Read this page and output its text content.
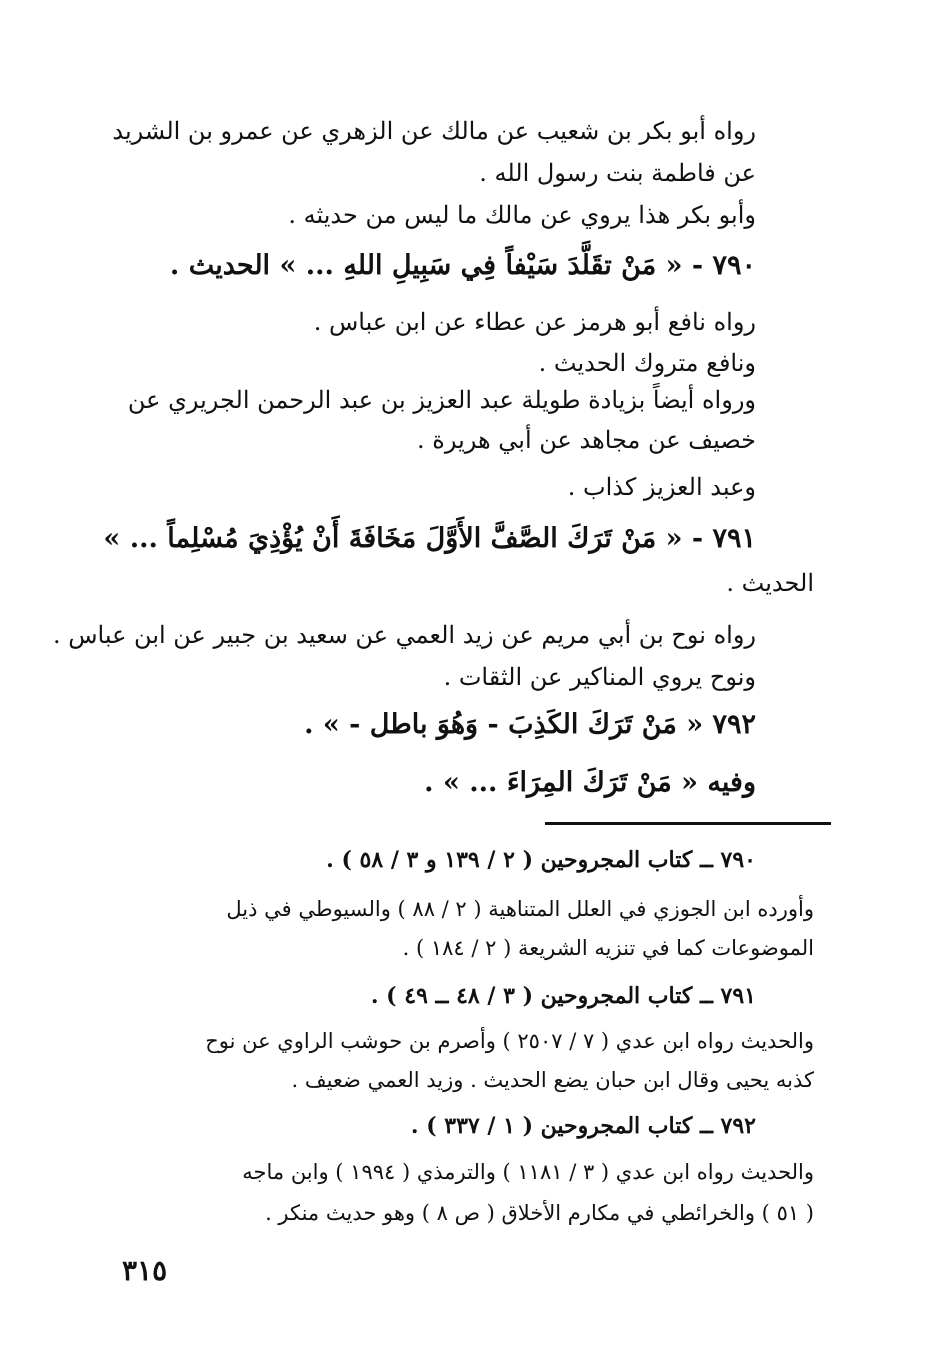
رواه أبو بكر بن شعيب عن مالك عن الزهري عن عمرو بن الشريد

عن فاطمة بنت رسول الله .

وأبو بكر هذا يروي عن مالك ما ليس من حديثه .

٧٩٠ - « مَنْ تقَلَّدَ سَيْفاً فِي سَبِيلِ اللهِ ... » الحديث .

رواه نافع أبو هرمز عن عطاء عن ابن عباس .

ونافع متروك الحديث .

ورواه أيضاً بزيادة طويلة عبد العزيز بن عبد الرحمن الجريري عن

خصيف عن مجاهد عن أبي هريرة .

وعبد العزيز كذاب .

٧٩١ - « مَنْ تَرَكَ الصَّفَّ الأَوَّلَ مَخَافَةَ أَنْ يُؤْذِيَ مُسْلِماً ... »

الحديث .

رواه نوح بن أبي مريم عن زيد العمي عن سعيد بن جبير عن ابن عباس .

ونوح يروي المناكير عن الثقات .

٧٩٢ « مَنْ تَرَكَ الكَذِبَ - وَهُوَ باطل - » .

وفيه « مَنْ تَرَكَ المِرَاءَ ... » .

٧٩٠ ــ كتاب المجروحين ( ٢ / ١٣٩ و ٣ / ٥٨ ) .

وأورده ابن الجوزي في العلل المتناهية ( ٢ / ٨٨ ) والسيوطي في ذيل

الموضوعات كما في تنزيه الشريعة ( ٢ / ١٨٤ ) .

٧٩١ ــ كتاب المجروحين ( ٣ / ٤٨ ــ ٤٩ ) .

والحديث رواه ابن عدي ( ٧ / ٢٥٠٧ ) وأصرم بن حوشب الراوي عن نوح

كذبه يحيى وقال ابن حبان يضع الحديث . وزيد العمي ضعيف .

٧٩٢ ــ كتاب المجروحين ( ١ / ٣٣٧ ) .

والحديث رواه ابن عدي ( ٣ / ١١٨١ ) والترمذي ( ١٩٩٤ ) وابن ماجه

( ٥١ ) والخرائطي في مكارم الأخلاق ( ص ٨ ) وهو حديث منكر .

٣١٥
